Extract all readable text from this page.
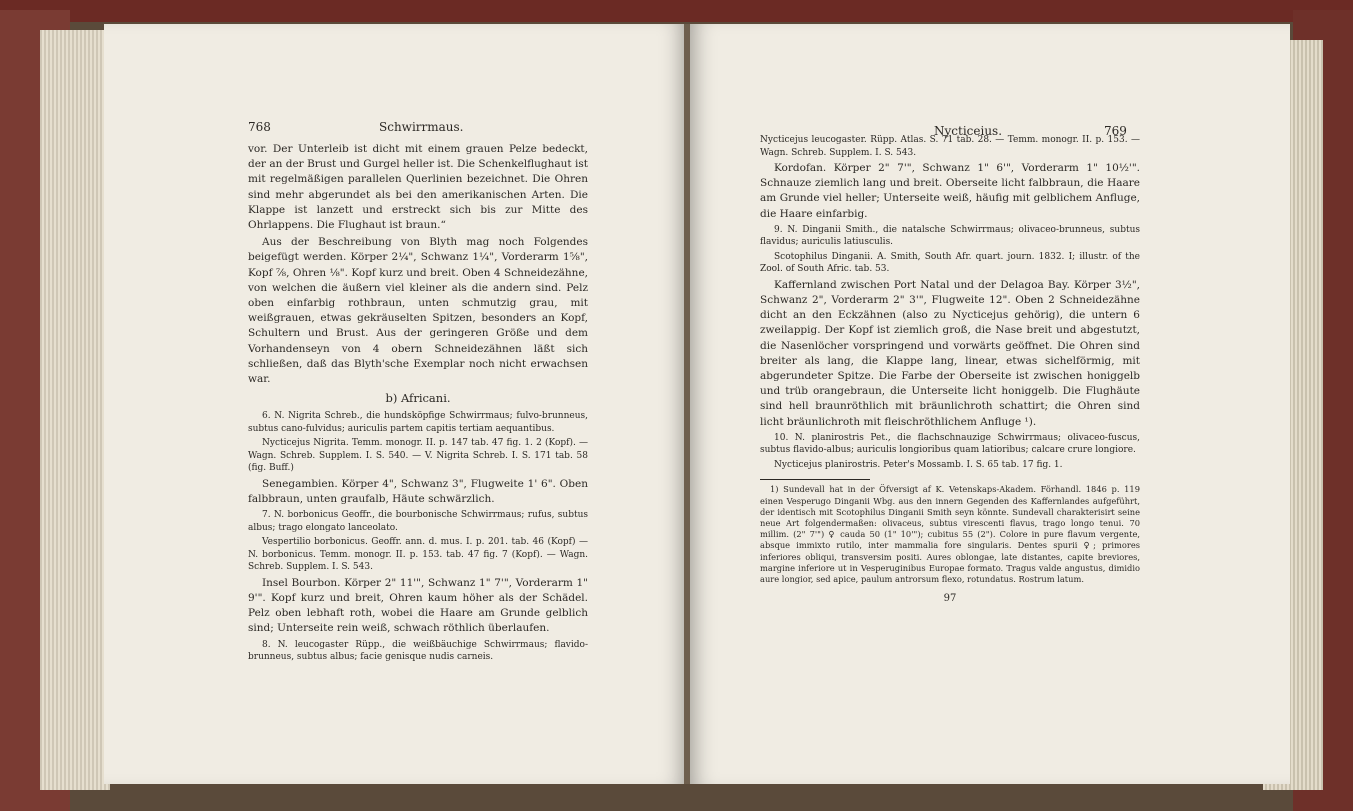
768	Schwirrmaus.

vor. Der Unterleib ist dicht mit einem grauen Pelze bedeckt, der an der Brust und Gurgel heller ist. Die Schenkelflughaut ist mit regelmäßigen parallelen Querlinien bezeichnet. Die Ohren sind mehr abgerundet als bei den amerikanischen Arten. Die Klappe ist lanzett und erstreckt sich bis zur Mitte des Ohrlappens. Die Flughaut ist braun.“

Aus der Beschreibung von Blyth mag noch Folgendes beigefügt werden. Körper 2¼", Schwanz 1¼", Vorderarm 1⅝", Kopf ⅞, Ohren ⅛". Kopf kurz und breit. Oben 4 Schneidezähne, von welchen die äußern viel kleiner als die andern sind. Pelz oben einfarbig rothbraun, unten schmutzig grau, mit weißgrauen, etwas gekräuselten Spitzen, besonders an Kopf, Schultern und Brust. Aus der geringeren Größe und dem Vorhandenseyn von 4 obern Schneidezähnen läßt sich schließen, daß das Blyth'sche Exemplar noch nicht erwachsen war.

b) Africani.

6. N. Nigrita Schreb., die hundsköpfige Schwirrmaus; fulvo-brunneus, subtus cano-fulvidus; auriculis partem capitis tertiam aequantibus.

Nycticejus Nigrita. Temm. monogr. II. p. 147 tab. 47 fig. 1. 2 (Kopf). — Wagn. Schreb. Supplem. I. S. 540. — V. Nigrita Schreb. I. S. 171 tab. 58 (fig. Buff.)

Senegambien. Körper 4", Schwanz 3", Flugweite 1' 6". Oben falbbraun, unten graufalb, Häute schwärzlich.

7. N. borbonicus Geoffr., die bourbonische Schwirrmaus; rufus, subtus albus; trago elongato lanceolato.

Vespertilio borbonicus. Geoffr. ann. d. mus. I. p. 201. tab. 46 (Kopf) — N. borbonicus. Temm. monogr. II. p. 153. tab. 47 fig. 7 (Kopf). — Wagn. Schreb. Supplem. I. S. 543.

Insel Bourbon. Körper 2" 11'", Schwanz 1" 7'", Vorderarm 1" 9'". Kopf kurz und breit, Ohren kaum höher als der Schädel. Pelz oben lebhaft roth, wobei die Haare am Grunde gelblich sind; Unterseite rein weiß, schwach röthlich überlaufen.

8. N. leucogaster Rüpp., die weißbäuchige Schwirrmaus; flavido-brunneus, subtus albus; facie genisque nudis carneis.

Nycticeius.	769

Nycticejus leucogaster. Rüpp. Atlas. S. 71 tab. 28. — Temm. monogr. II. p. 153. — Wagn. Schreb. Supplem. I. S. 543.

Kordofan. Körper 2" 7'", Schwanz 1" 6'", Vorderarm 1" 10½'". Schnauze ziemlich lang und breit. Oberseite licht falbbraun, die Haare am Grunde viel heller; Unterseite weiß, häufig mit gelblichem Anfluge, die Haare einfarbig.

9. N. Dinganii Smith., die natalsche Schwirrmaus; olivaceo-brunneus, subtus flavidus; auriculis latiusculis.

Scotophilus Dinganii. A. Smith, South Afr. quart. journ. 1832. I; illustr. of the Zool. of South Afric. tab. 53.

Kaffernland zwischen Port Natal und der Delagoa Bay. Körper 3½", Schwanz 2", Vorderarm 2" 3'", Flugweite 12". Oben 2 Schneidezähne dicht an den Eckzähnen (also zu Nycticejus gehörig), die untern 6 zweilappig. Der Kopf ist ziemlich groß, die Nase breit und abgestutzt, die Nasenlöcher vorspringend und vorwärts geöffnet. Die Ohren sind breiter als lang, die Klappe lang, linear, etwas sichelförmig, mit abgerundeter Spitze. Die Farbe der Oberseite ist zwischen honiggelb und trüb orangebraun, die Unterseite licht honiggelb. Die Flughäute sind hell braunröthlich mit bräunlichroth schattirt; die Ohren sind licht bräunlichroth mit fleischröthlichem Anfluge ¹).

10. N. planirostris Pet., die flachschnauzige Schwirrmaus; olivaceo-fuscus, subtus flavido-albus; auriculis longioribus quam latioribus; calcare crure longiore.

Nycticejus planirostris. Peter's Mossamb. I. S. 65 tab. 17 fig. 1.

1) Sundevall hat in der Öfversigt af K. Vetenskaps-Akadem. Förhandl. 1846 p. 119 einen Vesperugo Dinganii Wbg. aus den innern Gegenden des Kaffernlandes aufgeführt, der identisch mit Scotophilus Dinganii Smith seyn könnte. Sundevall charakterisirt seine neue Art folgendermaßen: olivaceus, subtus virescenti flavus, trago longo tenui. 70 millim. (2" 7'") ♀ cauda 50 (1" 10'"); cubitus 55 (2"). Colore in pure flavum vergente, absque immixto rutilo, inter mammalia fore singularis. Dentes spurii ♀; primores inferiores obliqui, transversim positi. Aures oblongae, late distantes, capite breviores, margine inferiore ut in Vesperuginibus Europae formato. Tragus valde angustus, dimidio aure longior, sed apice, paulum antrorsum flexo, rotundatus. Rostrum latum.

97
